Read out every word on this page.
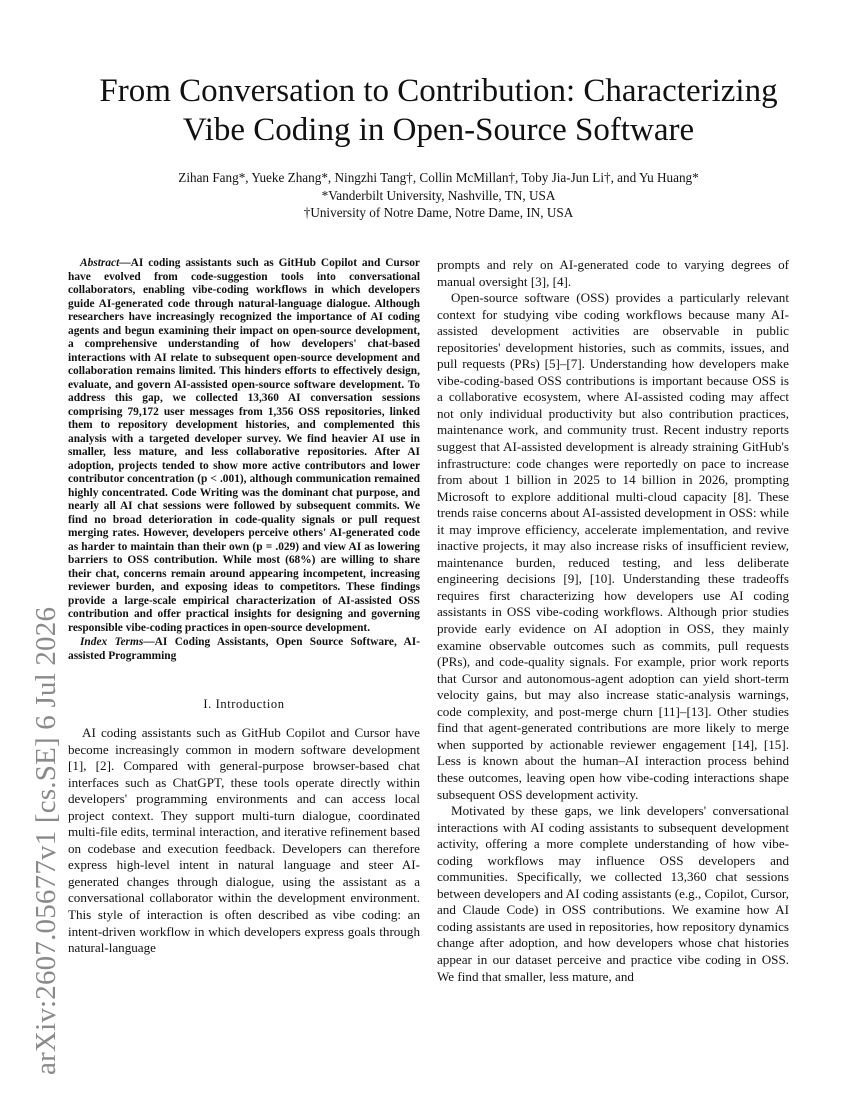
arXiv:2607.05677v1 [cs.SE] 6 Jul 2026
From Conversation to Contribution: Characterizing
Vibe Coding in Open-Source Software
Zihan Fang*, Yueke Zhang*, Ningzhi Tang†, Collin McMillan†, Toby Jia-Jun Li†, and Yu Huang*
*Vanderbilt University, Nashville, TN, USA
†University of Notre Dame, Notre Dame, IN, USA

Abstract—AI coding assistants such as GitHub Copilot and Cursor have evolved from code-suggestion tools into conversational collaborators, enabling vibe-coding workflows in which developers guide AI-generated code through natural-language dialogue. Although researchers have increasingly recognized the importance of AI coding agents and begun examining their impact on open-source development, a comprehensive understanding of how developers' chat-based interactions with AI relate to subsequent open-source development and collaboration remains limited. This hinders efforts to effectively design, evaluate, and govern AI-assisted open-source software development. To address this gap, we collected 13,360 AI conversation sessions comprising 79,172 user messages from 1,356 OSS repositories, linked them to repository development histories, and complemented this analysis with a targeted developer survey. We find heavier AI use in smaller, less mature, and less collaborative repositories. After AI adoption, projects tended to show more active contributors and lower contributor concentration (p < .001), although communication remained highly concentrated. Code Writing was the dominant chat purpose, and nearly all AI chat sessions were followed by subsequent commits. We find no broad deterioration in code-quality signals or pull request merging rates. However, developers perceive others' AI-generated code as harder to maintain than their own (p = .029) and view AI as lowering barriers to OSS contribution. While most (68%) are willing to share their chat, concerns remain around appearing incompetent, increasing reviewer burden, and exposing ideas to competitors. These findings provide a large-scale empirical characterization of AI-assisted OSS contribution and offer practical insights for designing and governing responsible vibe-coding practices in open-source development.

Index Terms—AI Coding Assistants, Open Source Software, AI-assisted Programming

I. Introduction

AI coding assistants such as GitHub Copilot and Cursor have become increasingly common in modern software development [1], [2]. Compared with general-purpose browser-based chat interfaces such as ChatGPT, these tools operate directly within developers' programming environments and can access local project context. They support multi-turn dialogue, coordinated multi-file edits, terminal interaction, and iterative refinement based on codebase and execution feedback. Developers can therefore express high-level intent in natural language and steer AI-generated changes through dialogue, using the assistant as a conversational collaborator within the development environment. This style of interaction is often described as vibe coding: an intent-driven workflow in which developers express goals through natural-language

prompts and rely on AI-generated code to varying degrees of manual oversight [3], [4].

Open-source software (OSS) provides a particularly relevant context for studying vibe coding workflows because many AI-assisted development activities are observable in public repositories' development histories, such as commits, issues, and pull requests (PRs) [5]–[7]. Understanding how developers make vibe-coding-based OSS contributions is important because OSS is a collaborative ecosystem, where AI-assisted coding may affect not only individual productivity but also contribution practices, maintenance work, and community trust. Recent industry reports suggest that AI-assisted development is already straining GitHub's infrastructure: code changes were reportedly on pace to increase from about 1 billion in 2025 to 14 billion in 2026, prompting Microsoft to explore additional multi-cloud capacity [8]. These trends raise concerns about AI-assisted development in OSS: while it may improve efficiency, accelerate implementation, and revive inactive projects, it may also increase risks of insufficient review, maintenance burden, reduced testing, and less deliberate engineering decisions [9], [10]. Understanding these tradeoffs requires first characterizing how developers use AI coding assistants in OSS vibe-coding workflows. Although prior studies provide early evidence on AI adoption in OSS, they mainly examine observable outcomes such as commits, pull requests (PRs), and code-quality signals. For example, prior work reports that Cursor and autonomous-agent adoption can yield short-term velocity gains, but may also increase static-analysis warnings, code complexity, and post-merge churn [11]–[13]. Other studies find that agent-generated contributions are more likely to merge when supported by actionable reviewer engagement [14], [15]. Less is known about the human–AI interaction process behind these outcomes, leaving open how vibe-coding interactions shape subsequent OSS development activity.

Motivated by these gaps, we link developers' conversational interactions with AI coding assistants to subsequent development activity, offering a more complete understanding of how vibe-coding workflows may influence OSS developers and communities. Specifically, we collected 13,360 chat sessions between developers and AI coding assistants (e.g., Copilot, Cursor, and Claude Code) in OSS contributions. We examine how AI coding assistants are used in repositories, how repository dynamics change after adoption, and how developers whose chat histories appear in our dataset perceive and practice vibe coding in OSS. We find that smaller, less mature, and
